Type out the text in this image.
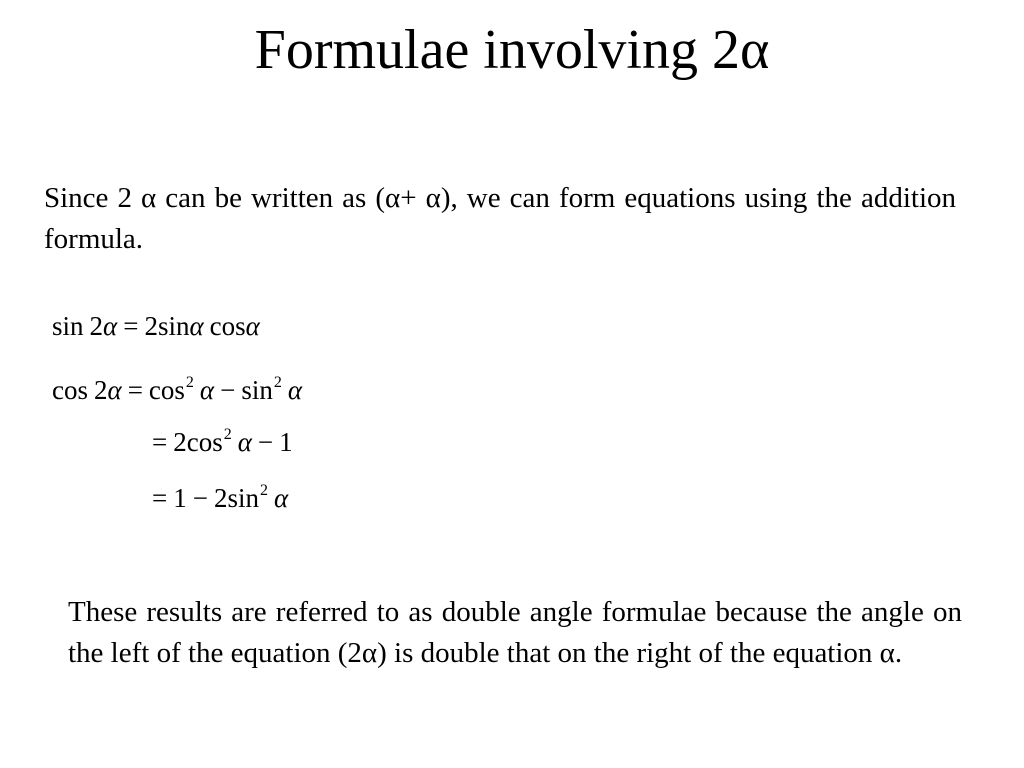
Formulae involving 2α
Since 2 α can be written as (α+ α), we can form equations using the addition formula.
sin 2α = 2sinα cosα
$\cos 2\alpha = \cos^2 \alpha - \sin^2 \alpha$
= $2\cos^2$ α − 1
= $1 - 2\sin^2$ α
These results are referred to as double angle formulae because the angle on the left of the equation (2α) is double that on the right of the equation α.
